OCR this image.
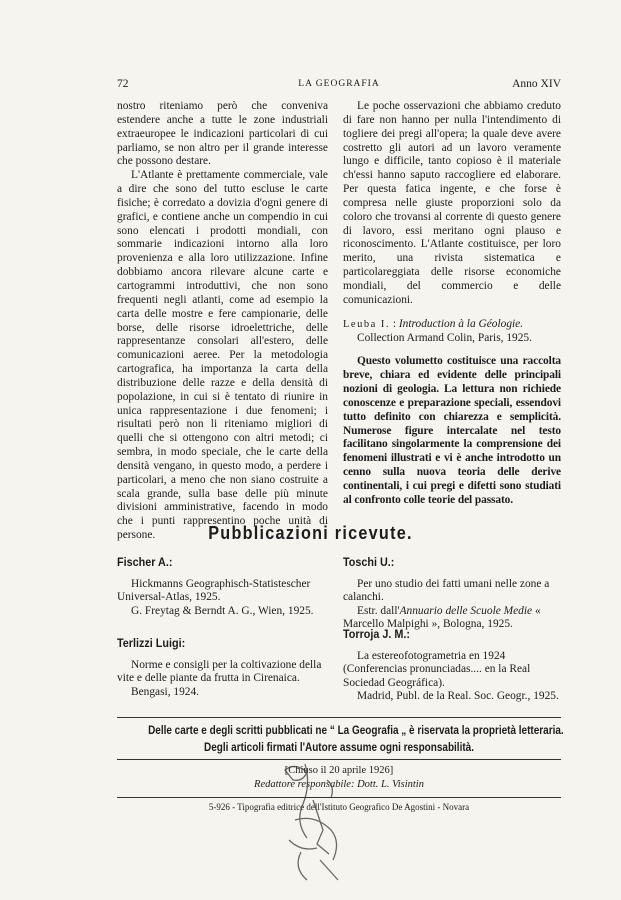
72	LA GEOGRAFIA	Anno XIV

nostro riteniamo però che conveniva estendere anche a tutte le zone industriali extraeuropee le indicazioni particolari di cui parliamo, se non altro per il grande interesse che possono destare.

L'Atlante è prettamente commerciale, vale a dire che sono del tutto escluse le carte fisiche; è corredato a dovizia d'ogni genere di grafici, e contiene anche un compendio in cui sono elencati i prodotti mondiali, con sommarie indicazioni intorno alla loro provenienza e alla loro utilizzazione. Infine dobbiamo ancora rilevare alcune carte e cartogrammi introduttivi, che non sono frequenti negli atlanti, come ad esempio la carta delle mostre e fere campionarie, delle borse, delle risorse idroelettriche, delle rappresentanze consolari all'estero, delle comunicazioni aeree. Per la metodologia cartografica, ha importanza la carta della distribuzione delle razze e della densità di popolazione, in cui si è tentato di riunire in unica rappresentazione i due fenomeni; i risultati però non li riteniamo migliori di quelli che si ottengono con altri metodi; ci sembra, in modo speciale, che le carte della densità vengano, in questo modo, a perdere i particolari, a meno che non siano costruite a scala grande, sulla base delle più minute divisioni amministrative, facendo in modo che i punti rappresentino poche unità di persone.

Le poche osservazioni che abbiamo creduto di fare non hanno per nulla l'intendimento di togliere dei pregi all'opera; la quale deve avere costretto gli autori ad un lavoro veramente lungo e difficile, tanto copioso è il materiale ch'essi hanno saputo raccogliere ed elaborare. Per questa fatica ingente, e che forse è compresa nelle giuste proporzioni solo da coloro che trovansi al corrente di questo genere di lavoro, essi meritano ogni plauso e riconoscimento. L'Atlante costituisce, per loro merito, una rivista sistematica e particolareggiata delle risorse economiche mondiali, del commercio e delle comunicazioni.

Leuba I. : Introduction à la Géologie.
Collection Armand Colin, Paris, 1925.

Questo volumetto costituisce una raccolta breve, chiara ed evidente delle principali nozioni di geologia. La lettura non richiede conoscenze e preparazione speciali, essendovi tutto definito con chiarezza e semplicità. Numerose figure intercalate nel testo facilitano singolarmente la comprensione dei fenomeni illustrati e vi è anche introdotto un cenno sulla nuova teoria delle derive continentali, i cui pregi e difetti sono studiati al confronto colle teorie del passato.

Pubblicazioni ricevute.
Fischer A.:

Hickmanns Geographisch-Statistescher Universal-Atlas, 1925.

G. Freytag & Berndt A. G., Wien, 1925.

Terlizzi Luigi:

Norme e consigli per la coltivazione della vite e delle piante da frutta in Cirenaica.

Bengasi, 1924.

Toschi U.:

Per uno studio dei fatti umani nelle zone a calanchi.

Estr. dall'Annuario delle Scuole Medie « Marcello Malpighi », Bologna, 1925.

Torroja J. M.:

La estereofotogrametria en 1924 (Conferencias pronunciadas.... en la Real Sociedad Geográfica).

Madrid, Publ. de la Real. Soc. Geogr., 1925.

Delle carte e degli scritti pubblicati ne “ La Geografia „ è riservata la proprietà letteraria.
Degli articoli firmati l'Autore assume ogni responsabilità.
[Chiuso il 20 aprile 1926]
Redattore responsabile: Dott. L. Visintin
5-926 - Tipografia editrice dell'Istituto Geografico De Agostini - Novara
